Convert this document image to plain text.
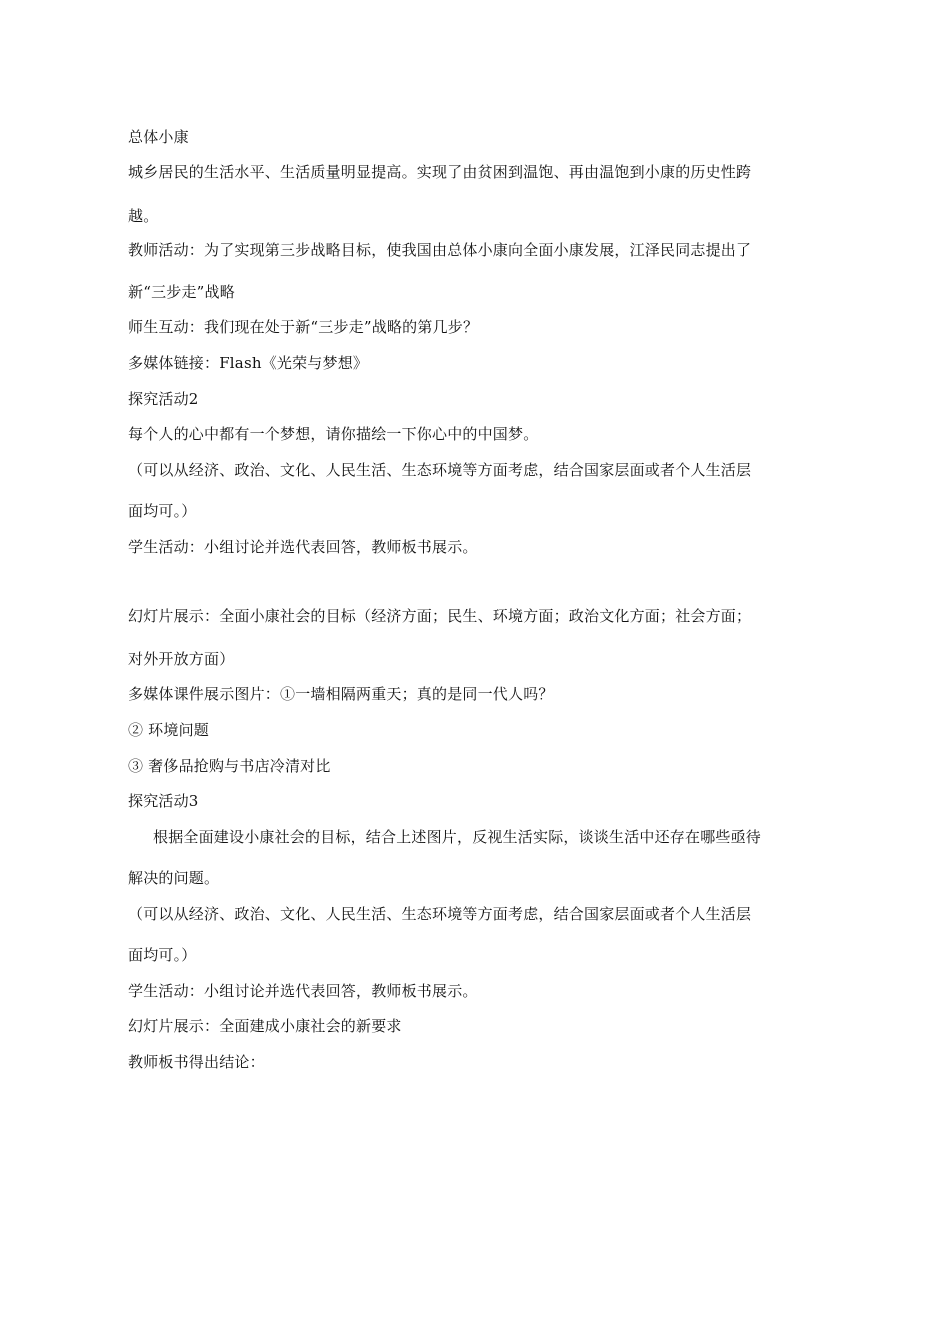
总体小康
城乡居民的生活水平、生活质量明显提高。实现了由贫困到温饱、再由温饱到小康的历史性跨
越。
教师活动：为了实现第三步战略目标，使我国由总体小康向全面小康发展，江泽民同志提出了
新“三步走”战略
师生互动：我们现在处于新“三步走”战略的第几步？
多媒体链接：Flash《光荣与梦想》
探究活动2
每个人的心中都有一个梦想，请你描绘一下你心中的中国梦。
（可以从经济、政治、文化、人民生活、生态环境等方面考虑，结合国家层面或者个人生活层
面均可。）
学生活动：小组讨论并选代表回答，教师板书展示。
幻灯片展示：全面小康社会的目标（经济方面；民生、环境方面；政治文化方面；社会方面；
对外开放方面）
多媒体课件展示图片：①一墙相隔两重天；真的是同一代人吗？
② 环境问题
③ 奢侈品抢购与书店冷清对比
探究活动3
根据全面建设小康社会的目标，结合上述图片，反视生活实际，谈谈生活中还存在哪些亟待
解决的问题。
（可以从经济、政治、文化、人民生活、生态环境等方面考虑，结合国家层面或者个人生活层
面均可。）
学生活动：小组讨论并选代表回答，教师板书展示。
幻灯片展示：全面建成小康社会的新要求
教师板书得出结论：
